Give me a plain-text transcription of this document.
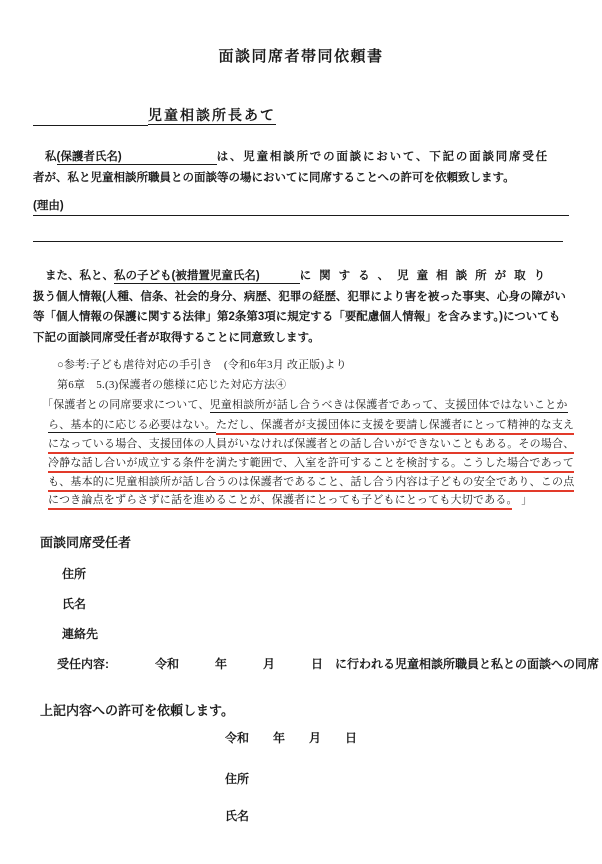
面談同席者帯同依頼書
児童相談所長あて
私(保護者氏名)	は、児童相談所での面談において、下記の面談同席受任
者が、私と児童相談所職員との面談等の場においてに同席することへの許可を依頼致します。
(理由)
また、私と、私の子ども(被措置児童氏名)	に関する、児童相談所が取り
扱う個人情報(人種、信条、社会的身分、病歴、犯罪の経歴、犯罪により害を被った事実、心身の障がい
等「個人情報の保護に関する法律」第2条第3項に規定する「要配慮個人情報」を含みます。)についても
下記の面談同席受任者が取得することに同意致します。
○参考:子ども虐待対応の手引き　(令和6年3月 改正版)より
第6章　5.(3)保護者の態様に応じた対応方法④
「保護者との同席要求について、児童相談所が話し合うべきは保護者であって、支援団体ではないことか
ら、基本的に応じる必要はない。ただし、保護者が支援団体に支援を要請し保護者にとって精神的な支え
になっている場合、支援団体の人員がいなければ保護者との話し合いができないこともある。その場合、
冷静な話し合いが成立する条件を満たす範囲で、入室を許可することを検討する。こうした場合であって
も、基本的に児童相談所が話し合うのは保護者であること、話し合う内容は子どもの安全であり、この点
につき論点をずらさずに話を進めることが、保護者にとっても子どもにとっても大切である。 」
面談同席受任者
住所
氏名
連絡先
受任内容:	令和　　　年　　　月　　　日 に行われる児童相談所職員と私との面談への同席
上記内容への許可を依頼します。
令和　　年　　月　　日
住所
氏名
